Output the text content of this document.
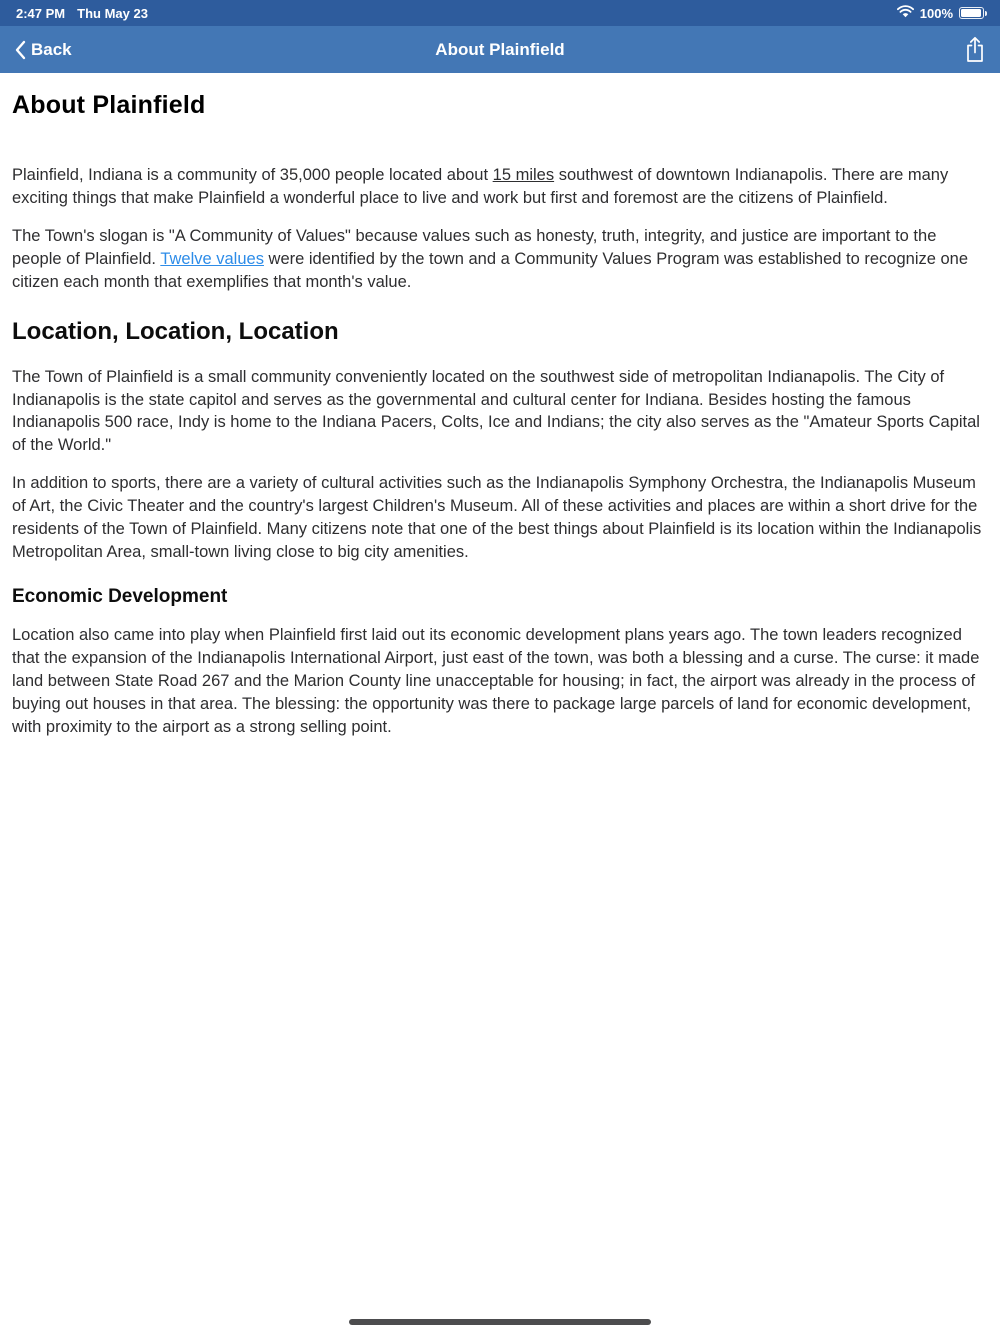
2:47 PM Thu May 23	100%
Back	About Plainfield
About Plainfield

Plainfield, Indiana is a community of 35,000 people located about 15 miles southwest of downtown Indianapolis. There are many exciting things that make Plainfield a wonderful place to live and work but first and foremost are the citizens of Plainfield.

The Town's slogan is "A Community of Values" because values such as honesty, truth, integrity, and justice are important to the people of Plainfield. Twelve values were identified by the town and a Community Values Program was established to recognize one citizen each month that exemplifies that month's value.

Location, Location, Location

The Town of Plainfield is a small community conveniently located on the southwest side of metropolitan Indianapolis. The City of Indianapolis is the state capitol and serves as the governmental and cultural center for Indiana. Besides hosting the famous Indianapolis 500 race, Indy is home to the Indiana Pacers, Colts, Ice and Indians; the city also serves as the "Amateur Sports Capital of the World."

In addition to sports, there are a variety of cultural activities such as the Indianapolis Symphony Orchestra, the Indianapolis Museum of Art, the Civic Theater and the country's largest Children's Museum. All of these activities and places are within a short drive for the residents of the Town of Plainfield. Many citizens note that one of the best things about Plainfield is its location within the Indianapolis Metropolitan Area, small-town living close to big city amenities.

Economic Development

Location also came into play when Plainfield first laid out its economic development plans years ago. The town leaders recognized that the expansion of the Indianapolis International Airport, just east of the town, was both a blessing and a curse. The curse: it made land between State Road 267 and the Marion County line unacceptable for housing; in fact, the airport was already in the process of buying out houses in that area. The blessing: the opportunity was there to package large parcels of land for economic development, with proximity to the airport as a strong selling point.
